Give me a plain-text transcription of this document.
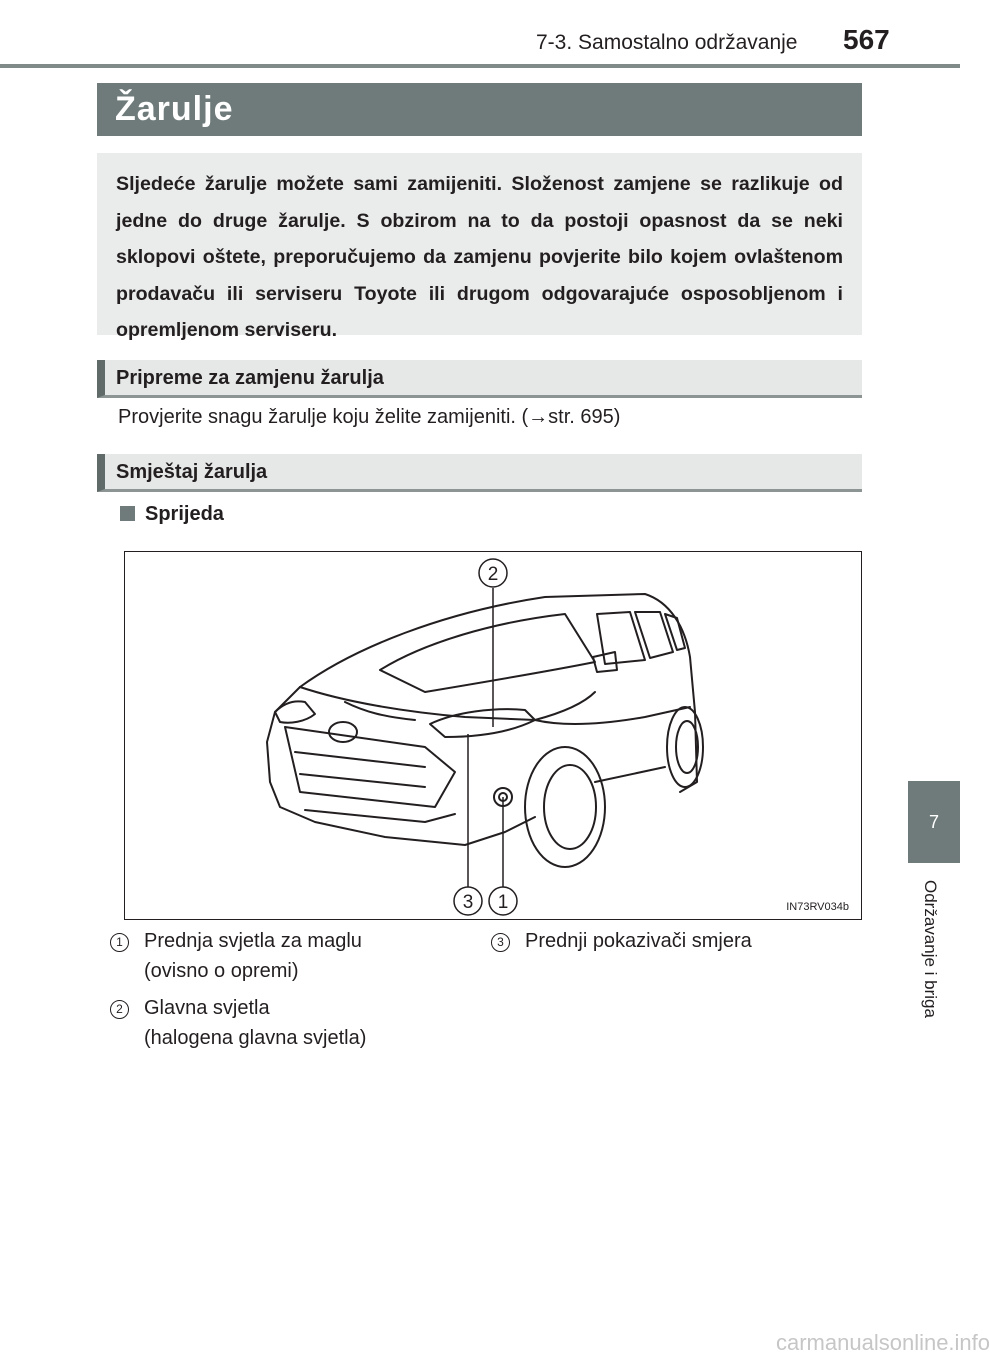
7-3. Samostalno održavanje 567
Žarulje
Sljedeće žarulje možete sami zamijeniti. Složenost zamjene se razlikuje od jedne do druge žarulje. S obzirom na to da postoji opasnost da se neki sklopovi oštete, preporučujemo da zamjenu povjerite bilo kojem ovlaštenom prodavaču ili serviseru Toyote ili drugom odgovarajuće osposobljenom i opremljenom serviseru.
Pripreme za zamjenu žarulja
Provjerite snagu žarulje koju želite zamijeniti. (→str. 695)
Smještaj žarulja
Sprijeda
2
3 1	IN73RV034b
1	Prednja svjetla za maglu
(ovisno o opremi)
2	Glavna svjetla
(halogena glavna svjetla)
3	Prednji pokazivači smjera
7
Održavanje i briga
carmanualsonline.info
